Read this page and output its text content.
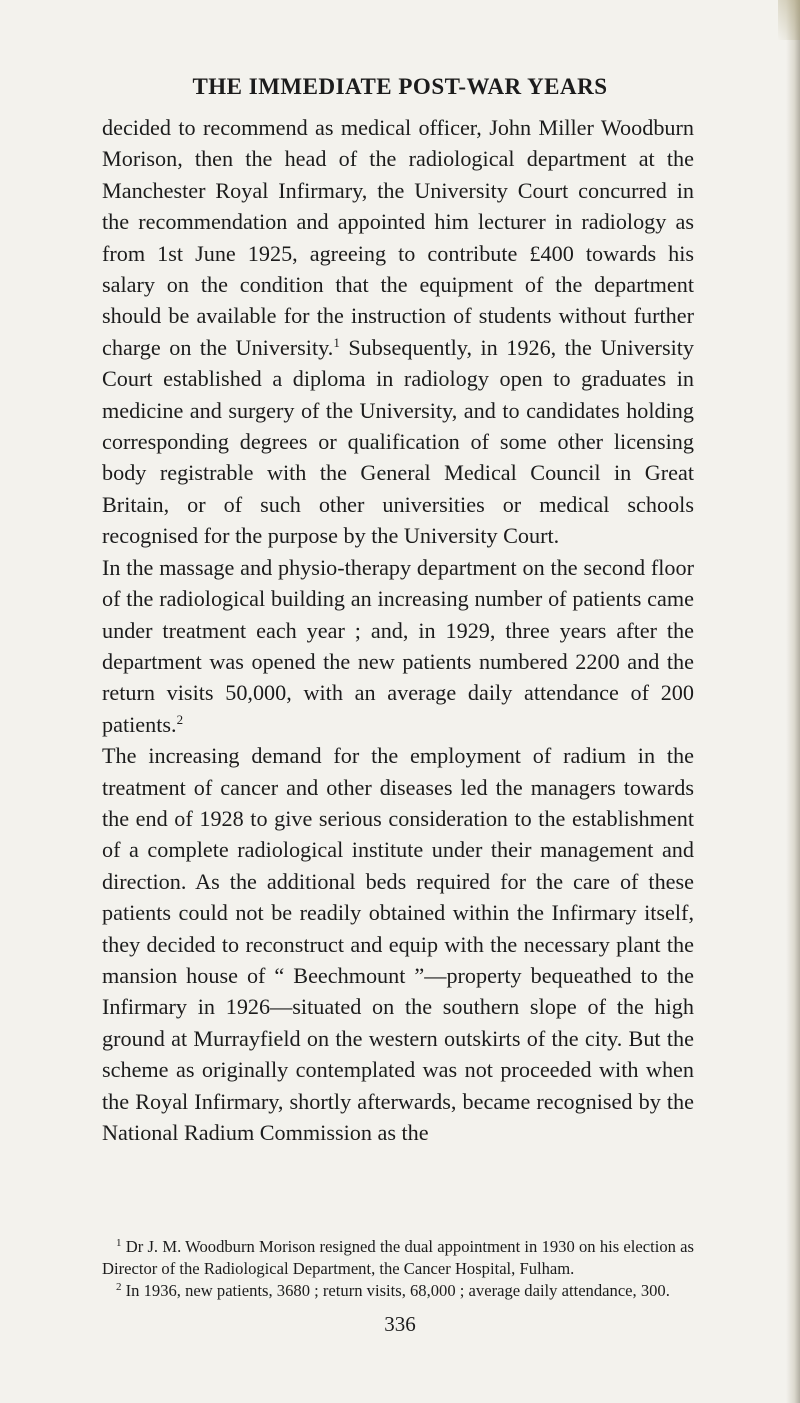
THE IMMEDIATE POST-WAR YEARS

decided to recommend as medical officer, John Miller Woodburn Morison, then the head of the radiological department at the Manchester Royal Infirmary, the University Court concurred in the recommendation and appointed him lecturer in radiology as from 1st June 1925, agreeing to contribute £400 towards his salary on the condition that the equipment of the department should be available for the instruction of students without further charge on the University.$^1$ Subsequently, in 1926, the University Court established a diploma in radiology open to graduates in medicine and surgery of the University, and to candidates holding corresponding degrees or qualification of some other licensing body registrable with the General Medical Council in Great Britain, or of such other universities or medical schools recognised for the purpose by the University Court.

In the massage and physio-therapy department on the second floor of the radiological building an increasing number of patients came under treatment each year ; and, in 1929, three years after the department was opened the new patients numbered 2200 and the return visits 50,000, with an average daily attendance of 200 patients.$^2$

The increasing demand for the employment of radium in the treatment of cancer and other diseases led the managers towards the end of 1928 to give serious consideration to the establishment of a complete radiological institute under their management and direction. As the additional beds required for the care of these patients could not be readily obtained within the Infirmary itself, they decided to reconstruct and equip with the necessary plant the mansion house of “ Beechmount ”—property bequeathed to the Infirmary in 1926—situated on the southern slope of the high ground at Murrayfield on the western outskirts of the city. But the scheme as originally contemplated was not proceeded with when the Royal Infirmary, shortly afterwards, became recognised by the National Radium Commission as the

$^1$ Dr J. M. Woodburn Morison resigned the dual appointment in 1930 on his election as Director of the Radiological Department, the Cancer Hospital, Fulham.

$^2$ In 1936, new patients, 3680 ; return visits, 68,000 ; average daily attendance, 300.

336
